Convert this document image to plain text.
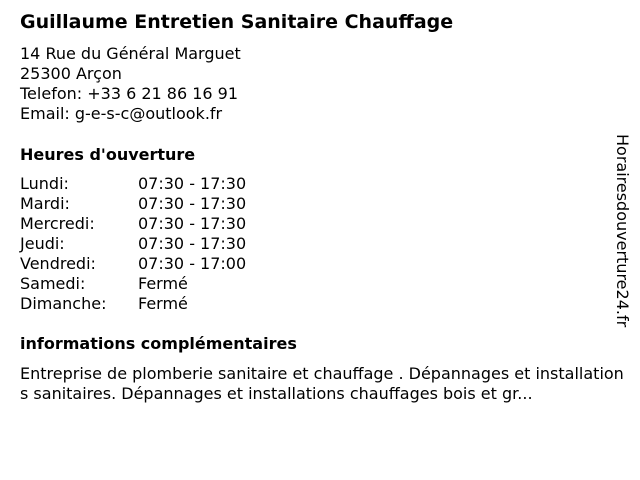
Guillaume Entretien Sanitaire Chauffage
14 Rue du Général Marguet
25300 Arçon
Telefon: +33 6 21 86 16 91
Email: g-e-s-c@outlook.fr
Heures d'ouverture
Lundi:	07:30 - 17:30
Mardi:	07:30 - 17:30
Mercredi:	07:30 - 17:30
Jeudi:	07:30 - 17:30
Vendredi:	07:30 - 17:00
Samedi:	Fermé
Dimanche: Fermé
informations complémentaires
Entreprise de plomberie sanitaire et chauffage . Dépannages et installations sanitaires. Dépannages et installations chauffages bois et gr...
Horairesdouverture24.fr
